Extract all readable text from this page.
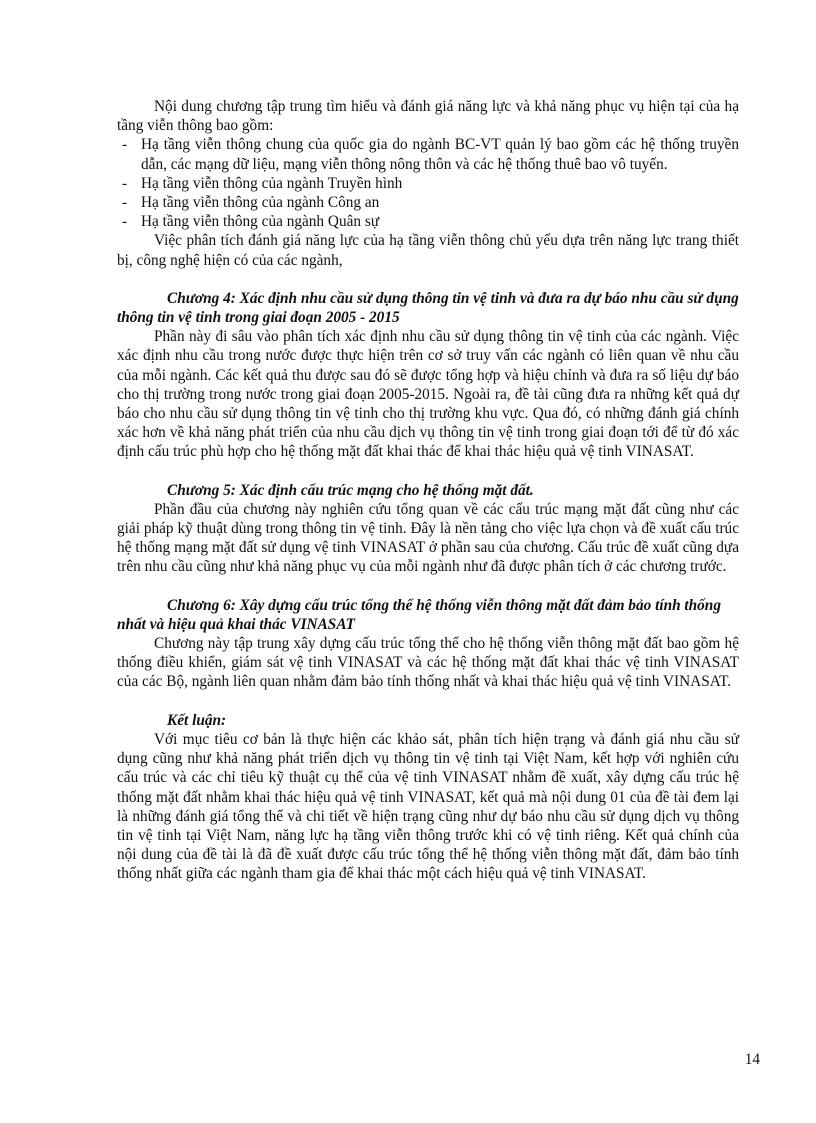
Nội dung chương tập trung tìm hiểu và đánh giá năng lực và khả năng phục vụ hiện tại của hạ tầng viễn thông bao gồm:

- Hạ tầng viễn thông chung của quốc gia do ngành BC-VT quản lý bao gồm các hệ thống truyền dẫn, các mạng dữ liệu, mạng viễn thông nông thôn và các hệ thống thuê bao vô tuyến.
- Hạ tầng viễn thông của ngành Truyền hình
- Hạ tầng viễn thông của ngành Công an
- Hạ tầng viễn thông của ngành Quân sự

Việc phân tích đánh giá năng lực của hạ tầng viễn thông chủ yếu dựa trên năng lực trang thiết bị, công nghệ hiện có của các ngành,

Chương 4: Xác định nhu cầu sử dụng thông tin vệ tinh và đưa ra dự báo nhu cầu sử dụng thông tin vệ tinh trong giai đoạn 2005 - 2015

Phần này đi sâu vào phân tích xác định nhu cầu sử dụng thông tin vệ tinh của các ngành. Việc xác định nhu cầu trong nước được thực hiện trên cơ sở truy vấn các ngành có liên quan về nhu cầu của mỗi ngành. Các kết quả thu được sau đó sẽ được tổng hợp và hiệu chỉnh và đưa ra số liệu dự báo cho thị trường trong nước trong giai đoạn 2005-2015. Ngoài ra, đề tài cũng đưa ra những kết quả dự báo cho nhu cầu sử dụng thông tin vệ tinh cho thị trường khu vực. Qua đó, có những đánh giá chính xác hơn về khả năng phát triển của nhu cầu dịch vụ thông tin vệ tinh trong giai đoạn tới để từ đó xác định cấu trúc phù hợp cho hệ thống mặt đất khai thác để khai thác hiệu quả vệ tinh VINASAT.

Chương 5: Xác định cấu trúc mạng cho hệ thống mặt đất.

Phần đầu của chương này nghiên cứu tổng quan về các cấu trúc mạng mặt đất cũng như các giải pháp kỹ thuật dùng trong thông tin vệ tinh. Đây là nền tảng cho việc lựa chọn và đề xuất cấu trúc hệ thống mạng mặt đất sử dụng vệ tinh VINASAT ở phần sau của chương. Cấu trúc đề xuất cũng dựa trên nhu cầu cũng như khả năng phục vụ của mỗi ngành như đã được phân tích ở các chương trước.

Chương 6: Xây dựng cấu trúc tổng thể hệ thống viễn thông mặt đất đảm bảo tính thống nhất và hiệu quả khai thác VINASAT

Chương này tập trung xây dựng cấu trúc tổng thể cho hệ thống viễn thông mặt đất bao gồm hệ thống điều khiển, giám sát vệ tinh VINASAT và các hệ thống mặt đất khai thác vệ tinh VINASAT của các Bộ, ngành liên quan nhằm đảm bảo tính thống nhất và khai thác hiệu quả vệ tinh VINASAT.

Kết luận:

Với mục tiêu cơ bản là thực hiện các khảo sát, phân tích hiện trạng và đánh giá nhu cầu sử dụng cũng như khả năng phát triển dịch vụ thông tin vệ tinh tại Việt Nam, kết hợp với nghiên cứu cấu trúc và các chỉ tiêu kỹ thuật cụ thể của vệ tinh VINASAT nhằm đề xuất, xây dựng cấu trúc hệ thống mặt đất nhằm khai thác hiệu quả vệ tinh VINASAT, kết quả mà nội dung 01 của đề tài đem lại là những đánh giá tổng thể và chi tiết về hiện trạng cũng như dự báo nhu cầu sử dụng dịch vụ thông tin vệ tinh tại Việt Nam, năng lực hạ tầng viễn thông trước khi có vệ tinh riêng. Kết quả chính của nội dung của đề tài là đã đề xuất được cấu trúc tổng thể hệ thống viễn thông mặt đất, đảm bảo tính thống nhất giữa các ngành tham gia để khai thác một cách hiệu quả vệ tinh VINASAT.

14
